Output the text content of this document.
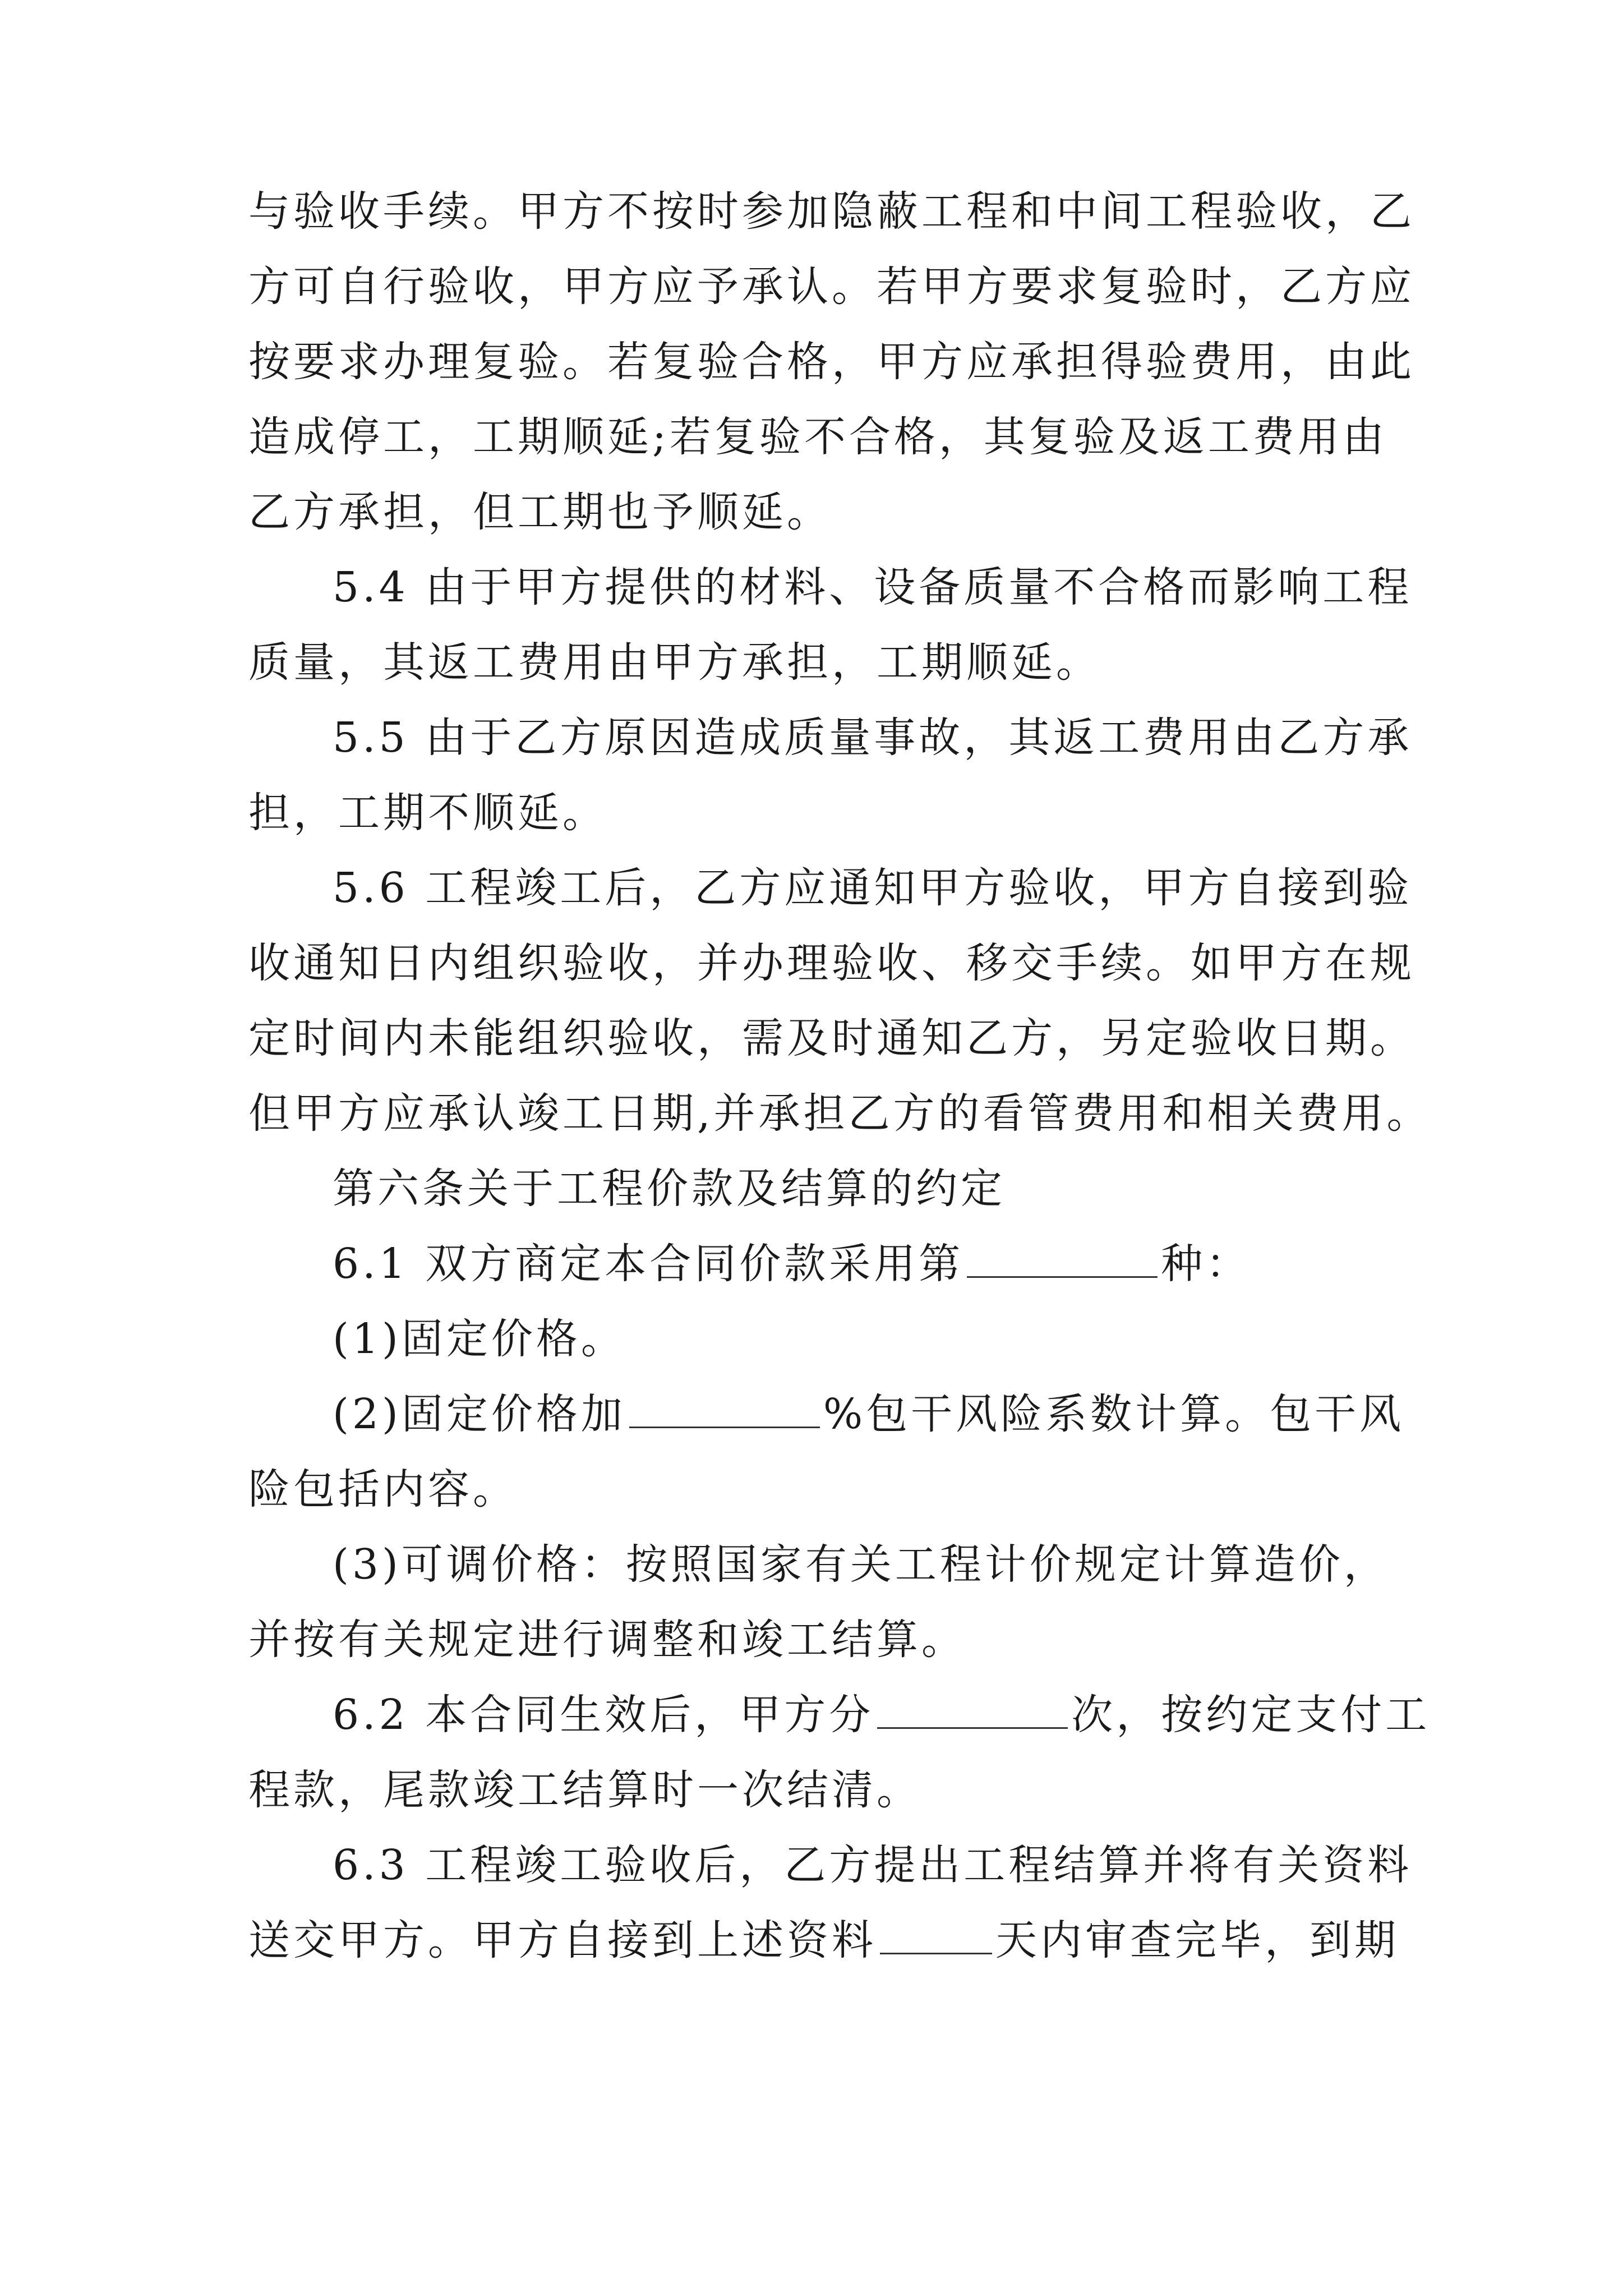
与验收手续。甲方不按时参加隐蔽工程和中间工程验收，乙
方可自行验收，甲方应予承认。若甲方要求复验时，乙方应
按要求办理复验。若复验合格，甲方应承担得验费用，由此
造成停工，工期顺延;若复验不合格，其复验及返工费用由
乙方承担，但工期也予顺延。
5.4 由于甲方提供的材料、设备质量不合格而影响工程
质量，其返工费用由甲方承担，工期顺延。
5.5 由于乙方原因造成质量事故，其返工费用由乙方承
担，工期不顺延。
5.6 工程竣工后，乙方应通知甲方验收，甲方自接到验
收通知日内组织验收，并办理验收、移交手续。如甲方在规
定时间内未能组织验收，需及时通知乙方，另定验收日期。
但甲方应承认竣工日期,并承担乙方的看管费用和相关费用。
第六条关于工程价款及结算的约定
6.1 双方商定本合同价款采用第	种：
(1)固定价格。
(2)固定价格加	%包干风险系数计算。包干风
险包括内容。
(3)可调价格：按照国家有关工程计价规定计算造价，
并按有关规定进行调整和竣工结算。
6.2 本合同生效后，甲方分	次，按约定支付工
程款，尾款竣工结算时一次结清。
6.3 工程竣工验收后，乙方提出工程结算并将有关资料
送交甲方。甲方自接到上述资料	天内审查完毕，到期
